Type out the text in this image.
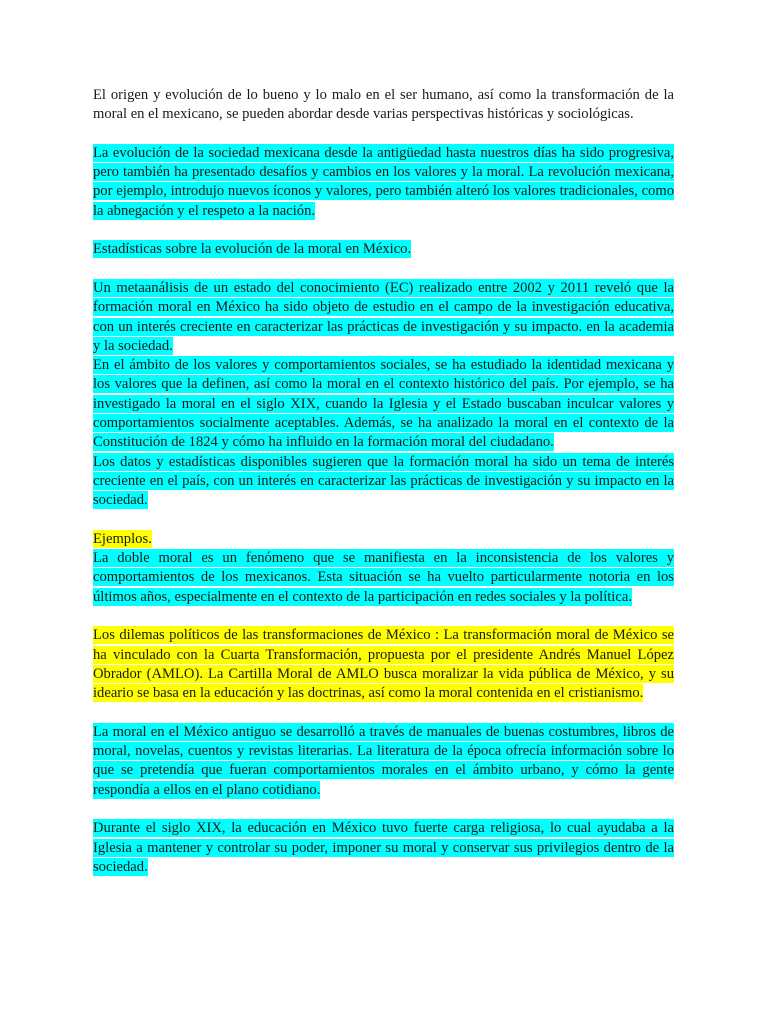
El origen y evolución de lo bueno y lo malo en el ser humano, así como la transformación de la moral en el mexicano, se pueden abordar desde varias perspectivas históricas y sociológicas.

La evolución de la sociedad mexicana desde la antigüedad hasta nuestros días ha sido progresiva, pero también ha presentado desafíos y cambios en los valores y la moral. La revolución mexicana, por ejemplo, introdujo nuevos íconos y valores, pero también alteró los valores tradicionales, como la abnegación y el respeto a la nación.

Estadísticas sobre la evolución de la moral en México.

Un metaanálisis de un estado del conocimiento (EC) realizado entre 2002 y 2011 reveló que la formación moral en México ha sido objeto de estudio en el campo de la investigación educativa, con un interés creciente en caracterizar las prácticas de investigación y su impacto. en la academia y la sociedad.

En el ámbito de los valores y comportamientos sociales, se ha estudiado la identidad mexicana y los valores que la definen, así como la moral en el contexto histórico del país. Por ejemplo, se ha investigado la moral en el siglo XIX, cuando la Iglesia y el Estado buscaban inculcar valores y comportamientos socialmente aceptables. Además, se ha analizado la moral en el contexto de la Constitución de 1824 y cómo ha influido en la formación moral del ciudadano.

Los datos y estadísticas disponibles sugieren que la formación moral ha sido un tema de interés creciente en el país, con un interés en caracterizar las prácticas de investigación y su impacto en la sociedad.

Ejemplos.

La doble moral es un fenómeno que se manifiesta en la inconsistencia de los valores y comportamientos de los mexicanos. Esta situación se ha vuelto particularmente notoria en los últimos años, especialmente en el contexto de la participación en redes sociales y la política.

Los dilemas políticos de las transformaciones de México : La transformación moral de México se ha vinculado con la Cuarta Transformación, propuesta por el presidente Andrés Manuel López Obrador (AMLO). La Cartilla Moral de AMLO busca moralizar la vida pública de México, y su ideario se basa en la educación y las doctrinas, así como la moral contenida en el cristianismo.

La moral en el México antiguo se desarrolló a través de manuales de buenas costumbres, libros de moral, novelas, cuentos y revistas literarias. La literatura de la época ofrecía información sobre lo que se pretendía que fueran comportamientos morales en el ámbito urbano, y cómo la gente respondía a ellos en el plano cotidiano.

Durante el siglo XIX, la educación en México tuvo fuerte carga religiosa, lo cual ayudaba a la Iglesia a mantener y controlar su poder, imponer su moral y conservar sus privilegios dentro de la sociedad.
